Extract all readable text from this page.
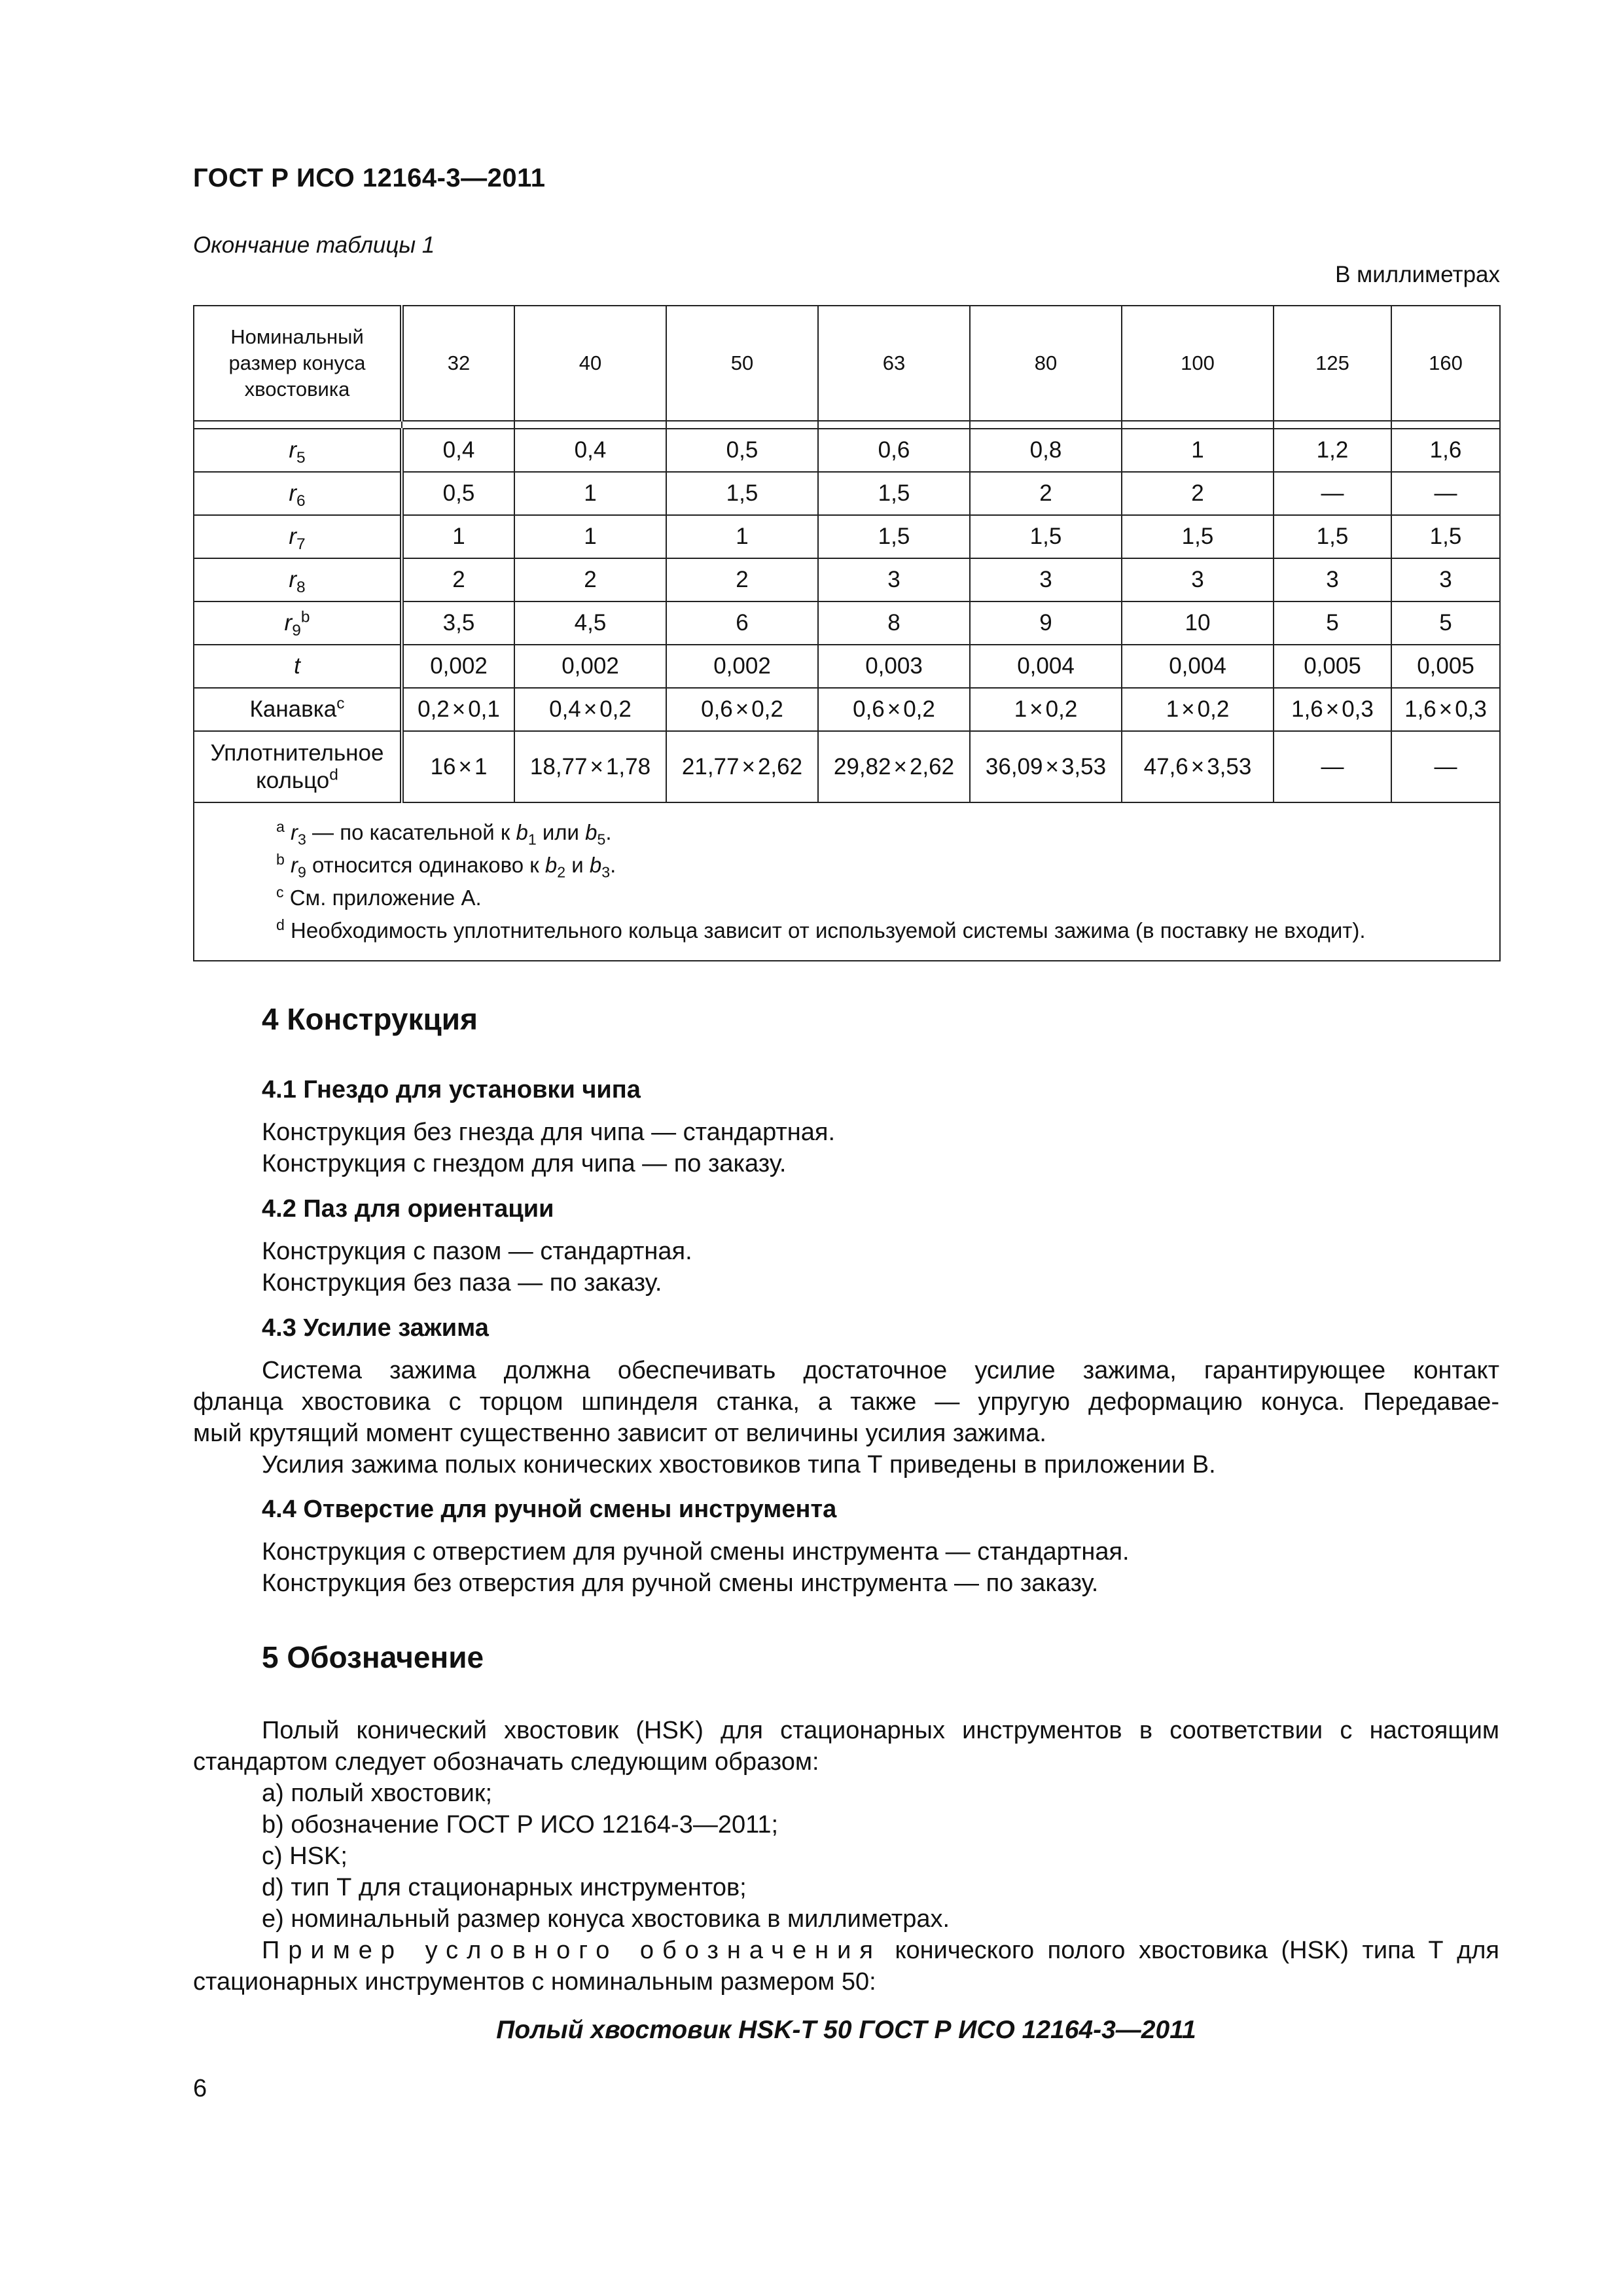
ГОСТ Р ИСО 12164-3—2011
Окончание таблицы 1
В миллиметрах
Номинальный
размер конуса
хвостовика	32	40	50	63	80	100	125	160

$r_5$	0,4	0,4	0,5	0,6	0,8	1	1,2	1,6
$r_6$	0,5	1	1,5	1,5	2	2	—	—
$r_7$	1	1	1	1,5	1,5	1,5	1,5	1,5
$r_8$	2	2	2	3	3	3	3	3
$r_9^b$	3,5	4,5	6	8	9	10	5	5
t	0,002	0,002	0,002	0,003	0,004	0,004	0,005	0,005
Канавка$^c$	0,2 × 0,1	0,4 × 0,2	0,6 × 0,2	0,6 × 0,2	1 × 0,2	1 × 0,2	1,6 × 0,3	1,6 × 0,3

Уплотнительное
кольцо$^d$	16 × 1	18,77 × 1,78	21,77 × 2,62	29,82 × 2,62	36,09 × 3,53	47,6 × 3,53	—	—

$^a$ $r_3$ — по касательной к $b_1$ или $b_5$.
$^b$ $r_9$ относится одинаково к $b_2$ и $b_3$.
$^c$ См. приложение А.
$^d$ Необходимость уплотнительного кольца зависит от используемой системы зажима (в поставку не входит).								
4 Конструкция
4.1 Гнездо для установки чипа
Конструкция без гнезда для чипа — стандартная.
Конструкция с гнездом для чипа — по заказу.
4.2 Паз для ориентации
Конструкция с пазом — стандартная.
Конструкция без паза — по заказу.
4.3 Усилие зажима

Система зажима должна обеспечивать достаточное усилие зажима, гарантирующее контакт

фланца хвостовика с торцом шпинделя станка, а также — упругую деформацию конуса. Передавае-

мый крутящий момент существенно зависит от величины усилия зажима.

Усилия зажима полых конических хвостовиков типа Т приведены в приложении В.

4.4 Отверстие для ручной смены инструмента
Конструкция с отверстием для ручной смены инструмента — стандартная.
Конструкция без отверстия для ручной смены инструмента — по заказу.
5 Обозначение

Полый конический хвостовик (HSK) для стационарных инструментов в соответствии с настоящим

стандартом следует обозначать следующим образом:

a) полый хвостовик;
b) обозначение ГОСТ Р ИСО 12164-3—2011;
c) HSK;
d) тип Т для стационарных инструментов;
e) номинальный размер конуса хвостовика в миллиметрах.

Пример условного обозначения конического полого хвостовика (HSK) типа Т для

стационарных инструментов с номинальным размером 50:

Полый хвостовик HSK-T 50 ГОСТ Р ИСО 12164-3—2011
6
